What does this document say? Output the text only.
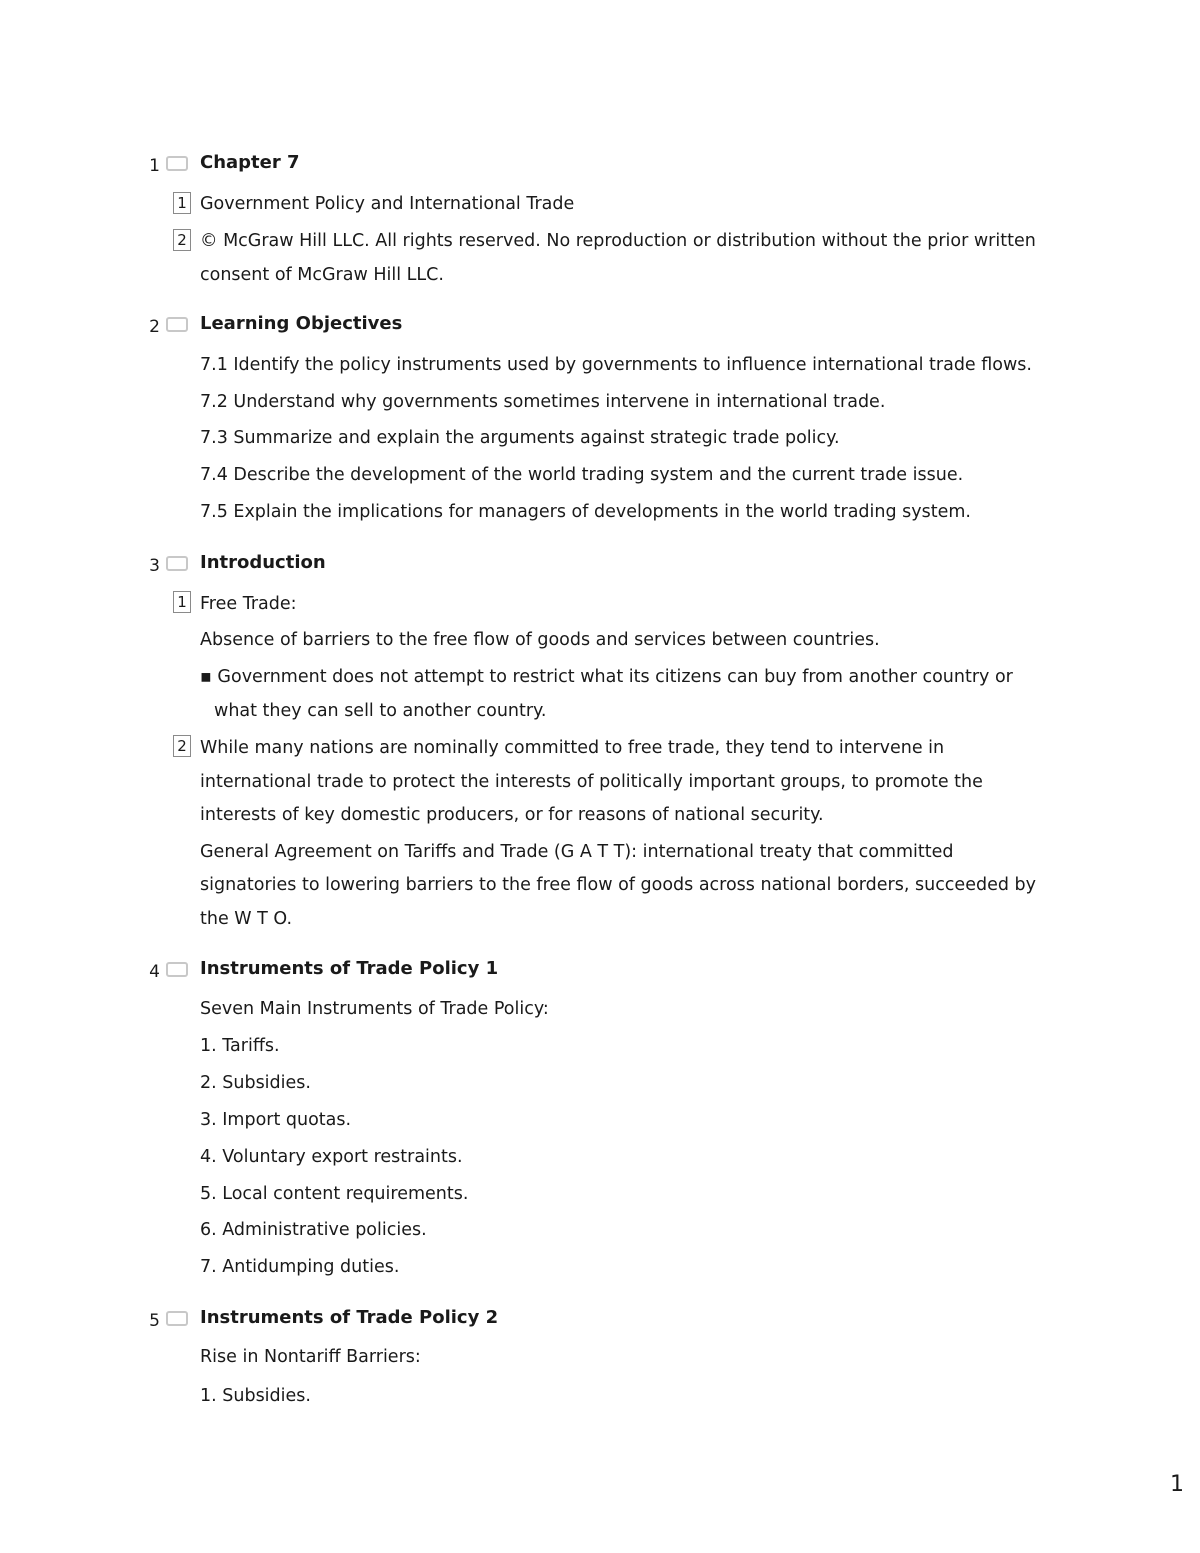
1 Chapter 7
1 Government Policy and International Trade
2 © McGraw Hill LLC. All rights reserved. No reproduction or distribution without the prior written
consent of McGraw Hill LLC.
2 Learning Objectives
7.1 Identify the policy instruments used by governments to influence international trade flows.
7.2 Understand why governments sometimes intervene in international trade.
7.3 Summarize and explain the arguments against strategic trade policy.
7.4 Describe the development of the world trading system and the current trade issue.
7.5 Explain the implications for managers of developments in the world trading system.
3 Introduction
1 Free Trade:
Absence of barriers to the free flow of goods and services between countries.
▪ Government does not attempt to restrict what its citizens can buy from another country or
what they can sell to another country.
2 While many nations are nominally committed to free trade, they tend to intervene in
international trade to protect the interests of politically important groups, to promote the
interests of key domestic producers, or for reasons of national security.
General Agreement on Tariffs and Trade (G A T T): international treaty that committed
signatories to lowering barriers to the free flow of goods across national borders, succeeded by
the W T O.
4 Instruments of Trade Policy 1
Seven Main Instruments of Trade Policy:
1. Tariffs.
2. Subsidies.
3. Import quotas.
4. Voluntary export restraints.
5. Local content requirements.
6. Administrative policies.
7. Antidumping duties.
5 Instruments of Trade Policy 2
Rise in Nontariff Barriers:
1. Subsidies.
1
